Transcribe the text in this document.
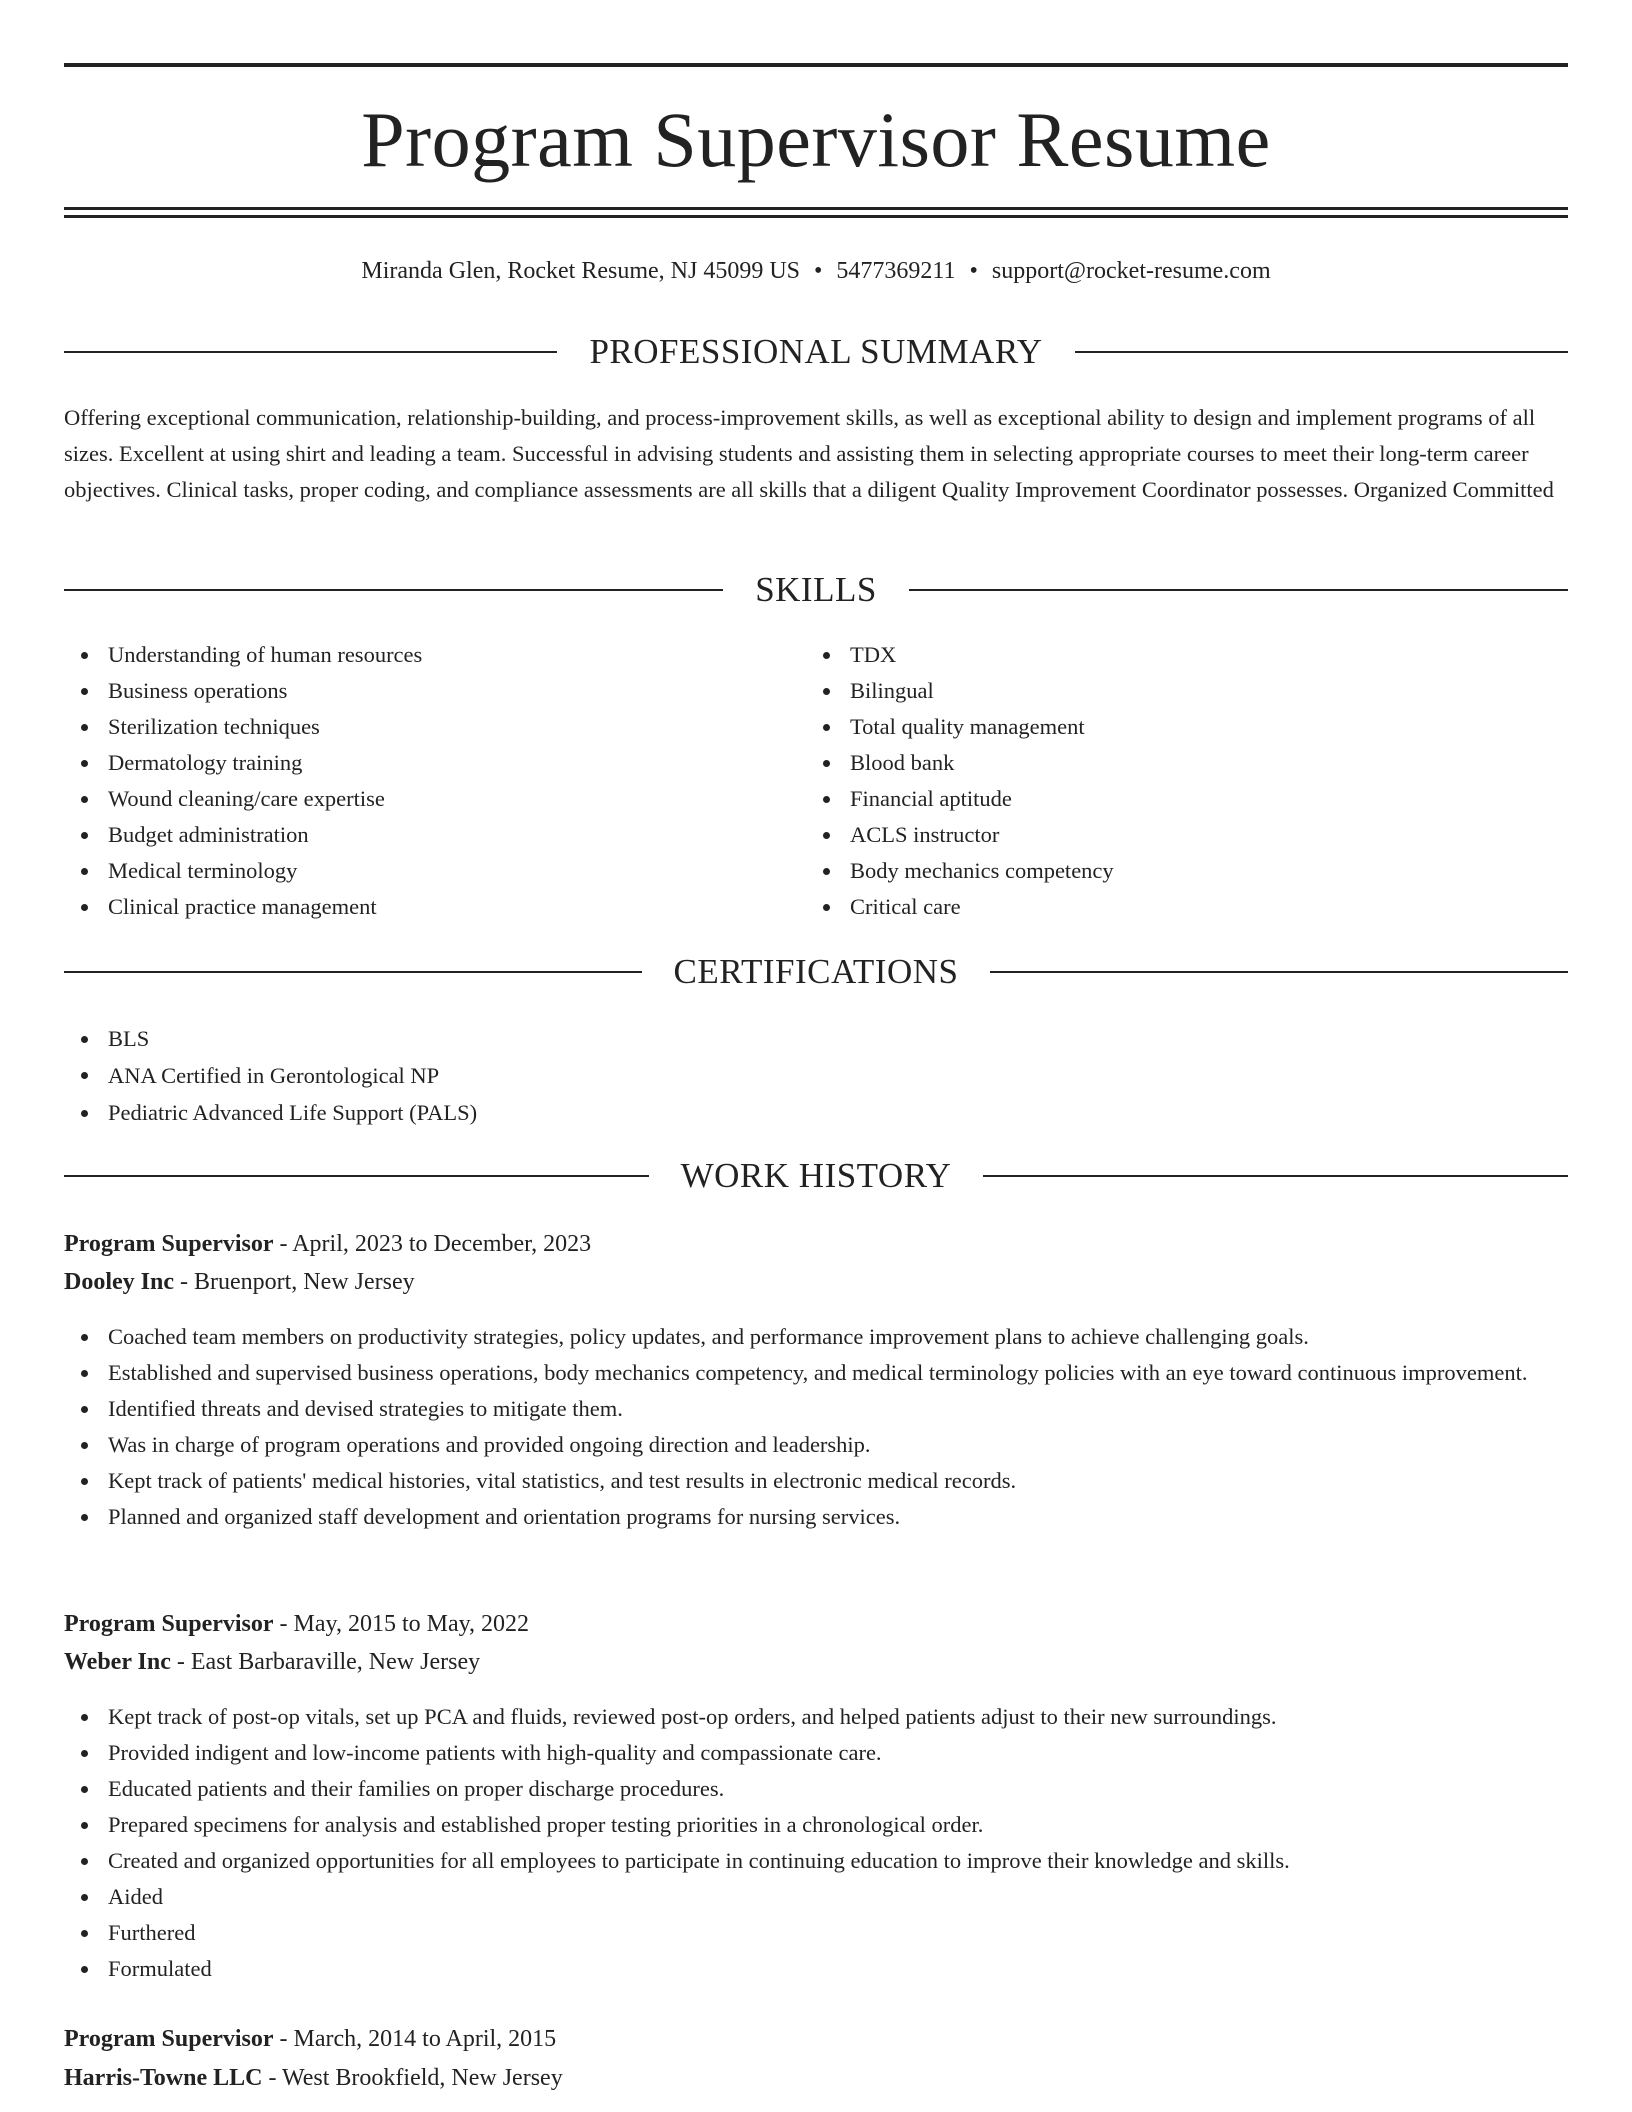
Program Supervisor Resume
Miranda Glen, Rocket Resume, NJ 45099 US • 5477369211 • support@rocket-resume.com
PROFESSIONAL SUMMARY

Offering exceptional communication, relationship-building, and process-improvement skills, as well as exceptional ability to design and implement programs of all sizes. Excellent at using shirt and leading a team. Successful in advising students and assisting them in selecting appropriate courses to meet their long-term career objectives. Clinical tasks, proper coding, and compliance assessments are all skills that a diligent Quality Improvement Coordinator possesses. Organized Committed

SKILLS
Understanding of human resources
Business operations
Sterilization techniques
Dermatology training
Wound cleaning/care expertise
Budget administration
Medical terminology
Clinical practice management
TDX
Bilingual
Total quality management
Blood bank
Financial aptitude
ACLS instructor
Body mechanics competency
Critical care
CERTIFICATIONS
BLS
ANA Certified in Gerontological NP
Pediatric Advanced Life Support (PALS)
WORK HISTORY
Program Supervisor - April, 2023 to December, 2023
Dooley Inc - Bruenport, New Jersey
Coached team members on productivity strategies, policy updates, and performance improvement plans to achieve challenging goals.
Established and supervised business operations, body mechanics competency, and medical terminology policies with an eye toward continuous improvement.
Identified threats and devised strategies to mitigate them.
Was in charge of program operations and provided ongoing direction and leadership.
Kept track of patients' medical histories, vital statistics, and test results in electronic medical records.
Planned and organized staff development and orientation programs for nursing services.
Program Supervisor - May, 2015 to May, 2022
Weber Inc - East Barbaraville, New Jersey
Kept track of post-op vitals, set up PCA and fluids, reviewed post-op orders, and helped patients adjust to their new surroundings.
Provided indigent and low-income patients with high-quality and compassionate care.
Educated patients and their families on proper discharge procedures.
Prepared specimens for analysis and established proper testing priorities in a chronological order.
Created and organized opportunities for all employees to participate in continuing education to improve their knowledge and skills.
Aided
Furthered
Formulated
Program Supervisor - March, 2014 to April, 2015
Harris-Towne LLC - West Brookfield, New Jersey
